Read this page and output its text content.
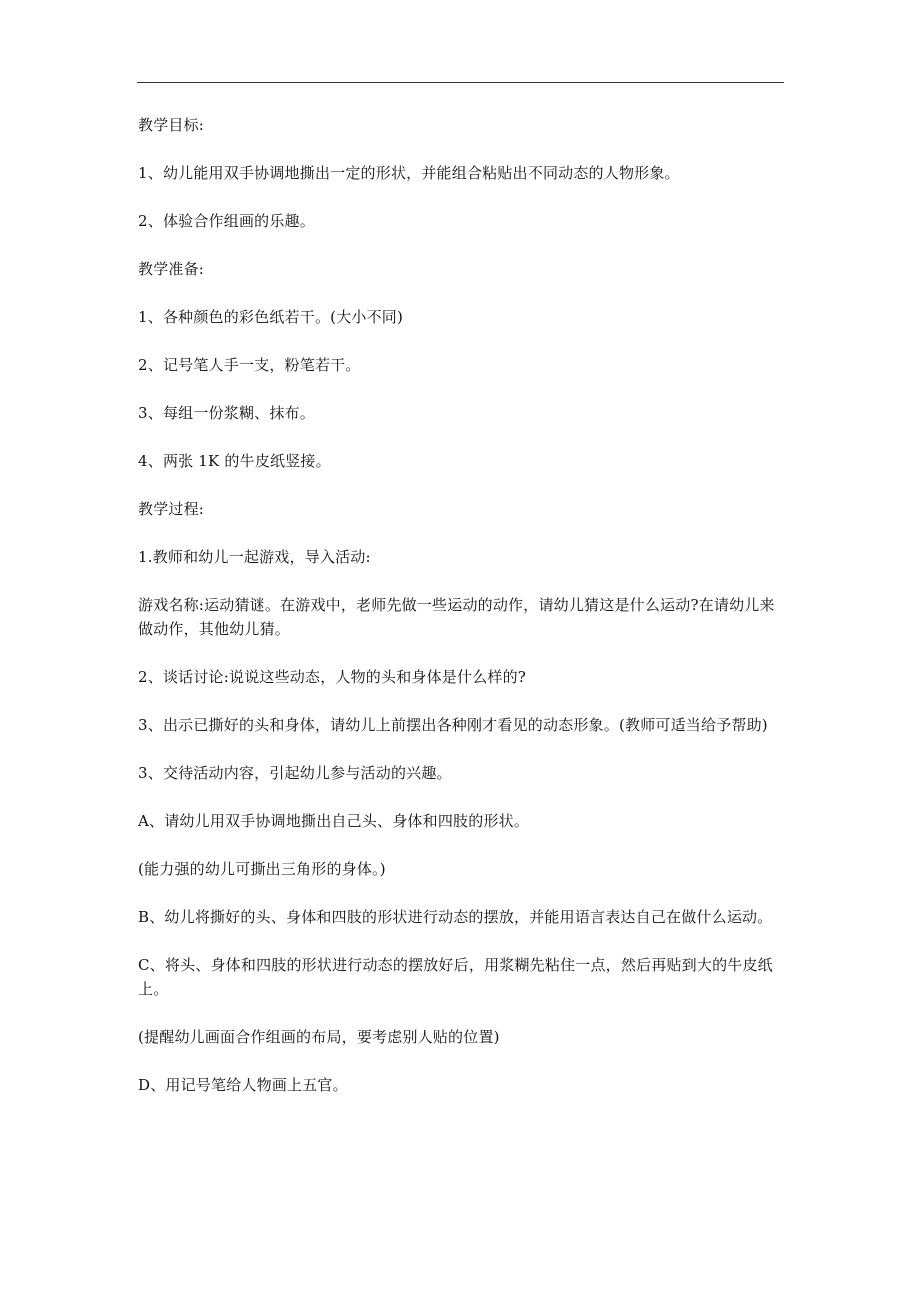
教学目标:

1、幼儿能用双手协调地撕出一定的形状，并能组合粘贴出不同动态的人物形象。

2、体验合作组画的乐趣。

教学准备:

1、各种颜色的彩色纸若干。(大小不同)

2、记号笔人手一支，粉笔若干。

3、每组一份浆糊、抹布。

4、两张 1K 的牛皮纸竖接。

教学过程:

1.教师和幼儿一起游戏，导入活动:

游戏名称:运动猜谜。在游戏中，老师先做一些运动的动作，请幼儿猜这是什么运动?在请幼儿来做动作，其他幼儿猜。

2、谈话讨论:说说这些动态，人物的头和身体是什么样的?

3、出示已撕好的头和身体，请幼儿上前摆出各种刚才看见的动态形象。(教师可适当给予帮助)

3、交待活动内容，引起幼儿参与活动的兴趣。

A、请幼儿用双手协调地撕出自己头、身体和四肢的形状。

(能力强的幼儿可撕出三角形的身体。)

B、幼儿将撕好的头、身体和四肢的形状进行动态的摆放，并能用语言表达自己在做什么运动。

C、将头、身体和四肢的形状进行动态的摆放好后，用浆糊先粘住一点，然后再贴到大的牛皮纸上。

(提醒幼儿画面合作组画的布局，要考虑别人贴的位置)

D、用记号笔给人物画上五官。
